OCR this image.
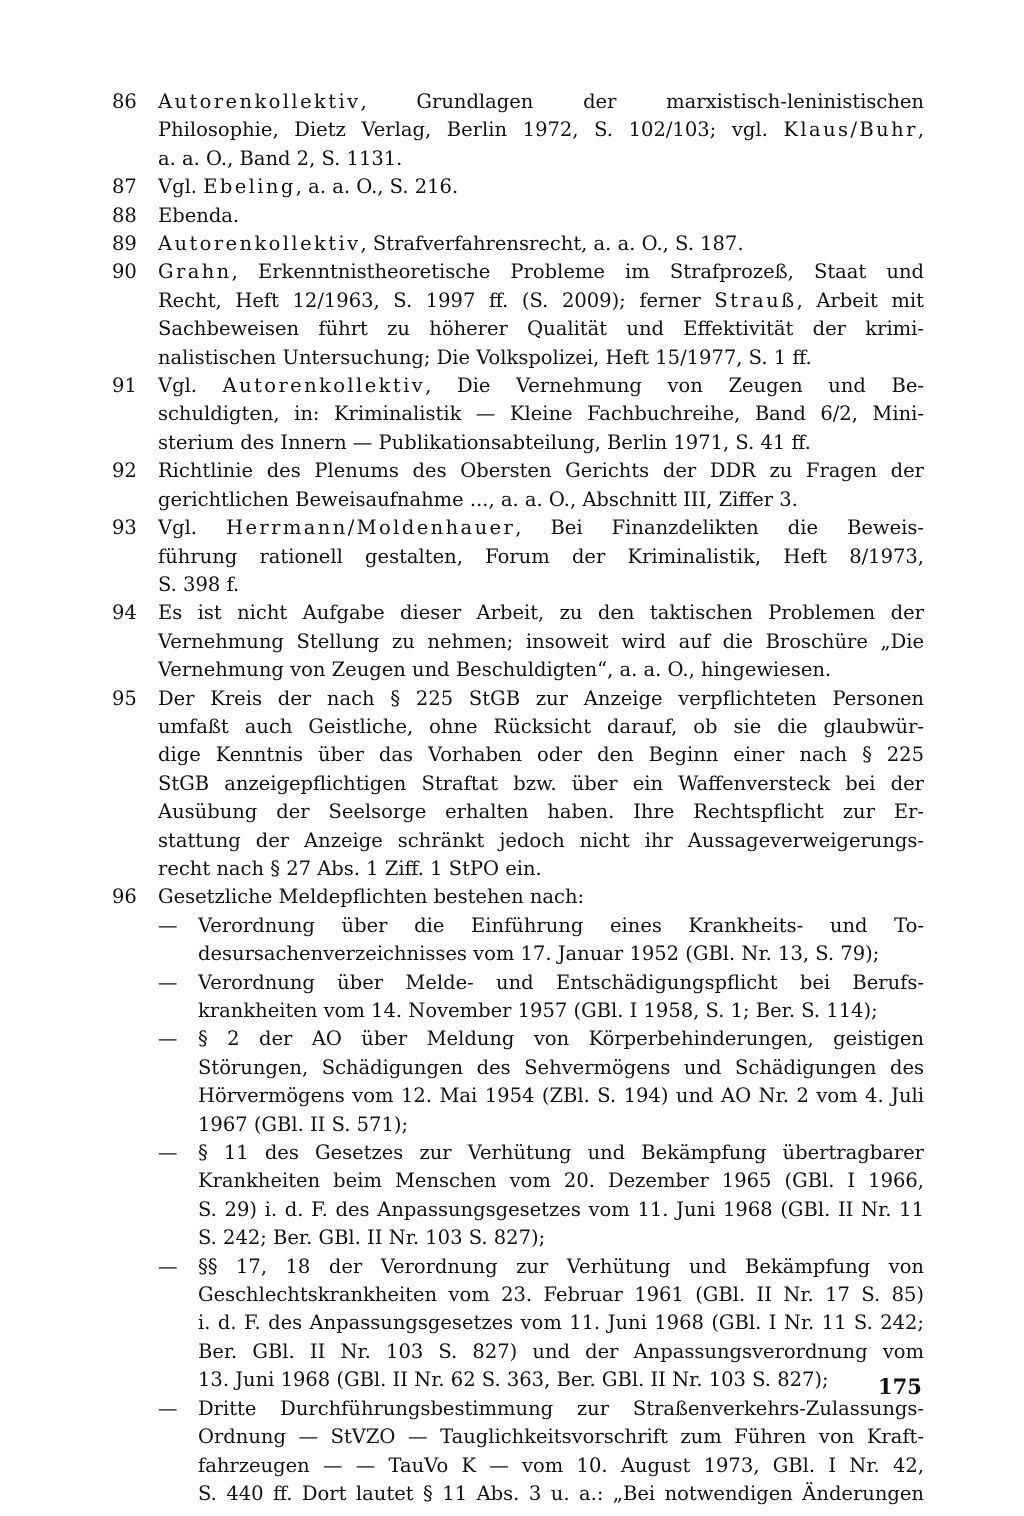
86	Autorenkollektiv, Grundlagen der marxistisch-leninistischen
Philosophie, Dietz Verlag, Berlin 1972, S. 102/103; vgl. Klaus/Buhr,
a. a. O., Band 2, S. 1131.
87	Vgl. Ebeling, a. a. O., S. 216.
88	Ebenda.
89	Autorenkollektiv, Strafverfahrensrecht, a. a. O., S. 187.
90	Grahn, Erkenntnistheoretische Probleme im Strafprozeß, Staat und
Recht, Heft 12/1963, S. 1997 ff. (S. 2009); ferner Strauß, Arbeit mit
Sachbeweisen führt zu höherer Qualität und Effektivität der krimi-
nalistischen Untersuchung; Die Volkspolizei, Heft 15/1977, S. 1 ff.
91	Vgl. Autorenkollektiv, Die Vernehmung von Zeugen und Be-
schuldigten, in: Kriminalistik — Kleine Fachbuchreihe, Band 6/2, Mini-
sterium des Innern — Publikationsabteilung, Berlin 1971, S. 41 ff.
92	Richtlinie des Plenums des Obersten Gerichts der DDR zu Fragen der
gerichtlichen Beweisaufnahme ..., a. a. O., Abschnitt III, Ziffer 3.
93	Vgl. Herrmann/Moldenhauer, Bei Finanzdelikten die Beweis-
führung rationell gestalten, Forum der Kriminalistik, Heft 8/1973,
S. 398 f.
94	Es ist nicht Aufgabe dieser Arbeit, zu den taktischen Problemen der
Vernehmung Stellung zu nehmen; insoweit wird auf die Broschüre „Die
Vernehmung von Zeugen und Beschuldigten“, a. a. O., hingewiesen.
95	Der Kreis der nach § 225 StGB zur Anzeige verpflichteten Personen
umfaßt auch Geistliche, ohne Rücksicht darauf, ob sie die glaubwür-
dige Kenntnis über das Vorhaben oder den Beginn einer nach § 225
StGB anzeigepflichtigen Straftat bzw. über ein Waffenversteck bei der
Ausübung der Seelsorge erhalten haben. Ihre Rechtspflicht zur Er-
stattung der Anzeige schränkt jedoch nicht ihr Aussageverweigerungs-
recht nach § 27 Abs. 1 Ziff. 1 StPO ein.
96	Gesetzliche Meldepflichten bestehen nach:
— Verordnung über die Einführung eines Krankheits- und To-
desursachenverzeichnisses vom 17. Januar 1952 (GBl. Nr. 13, S. 79);
— Verordnung über Melde- und Entschädigungspflicht bei Berufs-
krankheiten vom 14. November 1957 (GBl. I 1958, S. 1; Ber. S. 114);
— § 2 der AO über Meldung von Körperbehinderungen, geistigen
Störungen, Schädigungen des Sehvermögens und Schädigungen des
Hörvermögens vom 12. Mai 1954 (ZBl. S. 194) und AO Nr. 2 vom 4. Juli
1967 (GBl. II S. 571);
— § 11 des Gesetzes zur Verhütung und Bekämpfung übertragbarer
Krankheiten beim Menschen vom 20. Dezember 1965 (GBl. I 1966,
S. 29) i. d. F. des Anpassungsgesetzes vom 11. Juni 1968 (GBl. II Nr. 11
S. 242; Ber. GBl. II Nr. 103 S. 827);
— §§ 17, 18 der Verordnung zur Verhütung und Bekämpfung von
Geschlechtskrankheiten vom 23. Februar 1961 (GBl. II Nr. 17 S. 85)
i. d. F. des Anpassungsgesetzes vom 11. Juni 1968 (GBl. I Nr. 11 S. 242;
Ber. GBl. II Nr. 103 S. 827) und der Anpassungsverordnung vom
13. Juni 1968 (GBl. II Nr. 62 S. 363, Ber. GBl. II Nr. 103 S. 827);
— Dritte Durchführungsbestimmung zur Straßenverkehrs-Zulassungs-
Ordnung — StVZO — Tauglichkeitsvorschrift zum Führen von Kraft-
fahrzeugen — — TauVo K — vom 10. August 1973, GBl. I Nr. 42,
S. 440 ff. Dort lautet § 11 Abs. 3 u. a.: „Bei notwendigen Änderungen
175
